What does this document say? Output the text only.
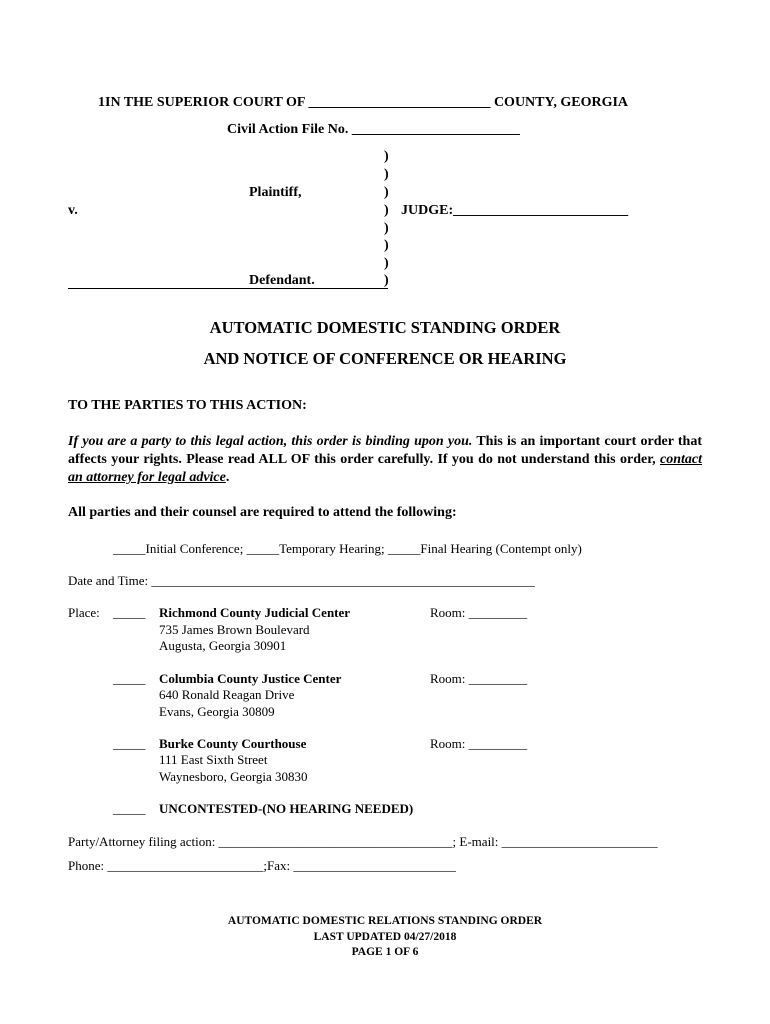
1IN THE SUPERIOR COURT OF __________________________ COUNTY, GEORGIA
Civil Action File No. ________________________
Plaintiff,
v.	JUDGE:_________________________
Defendant.
)
)
)
)
)
)
)
)
AUTOMATIC DOMESTIC STANDING ORDER
AND NOTICE OF CONFERENCE OR HEARING
TO THE PARTIES TO THIS ACTION:
If you are a party to this legal action, this order is binding upon you. This is an important court order that affects your rights. Please read ALL OF this order carefully. If you do not understand this order, contact an attorney for legal advice.
All parties and their counsel are required to attend the following:
_____Initial Conference; _____Temporary Hearing; _____Final Hearing (Contempt only)
Date and Time: ___________________________________________________________
Place: _____ Richmond County Judicial Center
735 James Brown Boulevard
Augusta, Georgia 30901
Room: _________
_____ Columbia County Justice Center
640 Ronald Reagan Drive
Evans, Georgia 30809
Room: _________
_____ Burke County Courthouse
111 East Sixth Street
Waynesboro, Georgia 30830
Room: _________
_____ UNCONTESTED-(NO HEARING NEEDED)
Party/Attorney filing action: ____________________________________; E-mail: ________________________
Phone: ________________________;Fax: _________________________
AUTOMATIC DOMESTIC RELATIONS STANDING ORDER
LAST UPDATED 04/27/2018
PAGE 1 OF 6
